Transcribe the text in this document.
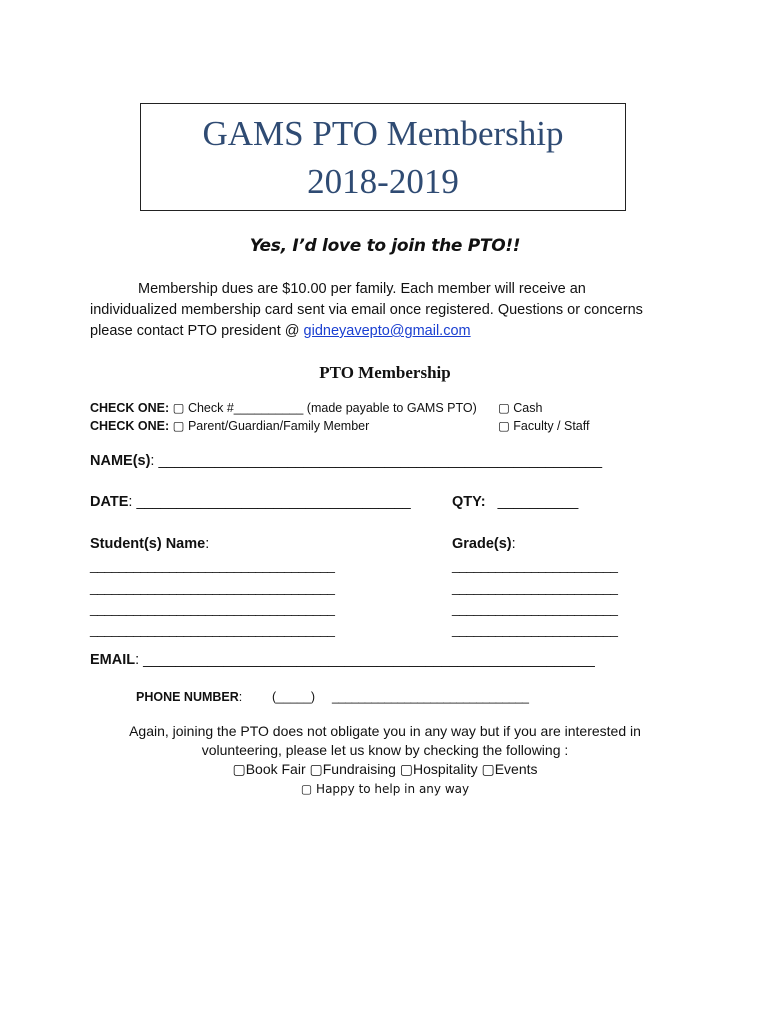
GAMS PTO Membership
2018-2019
Yes, I’d love to join the PTO!!
Membership dues are $10.00 per family. Each member will receive an
individualized membership card sent via email once registered. Questions or concerns
please contact PTO president @ gidneyavepto@gmail.com
PTO Membership
CHECK ONE: ▢ Check #__________ (made payable to GAMS PTO) ▢ Cash
CHECK ONE: ▢ Parent/Guardian/Family Member	▢ Faculty / Staff
NAME(s): _______________________________________________________
DATE: __________________________________	QTY: __________
Student(s) Name:	Grade(s):
__________________________________	_______________________
__________________________________	_______________________
__________________________________	_______________________
__________________________________	_______________________
EMAIL: ________________________________________________________
PHONE NUMBER: (_____) ______________________________
Again, joining the PTO does not obligate you in any way but if you are interested in
volunteering, please let us know by checking the following :
▢Book Fair ▢Fundraising ▢Hospitality ▢Events
▢ Happy to help in any way
